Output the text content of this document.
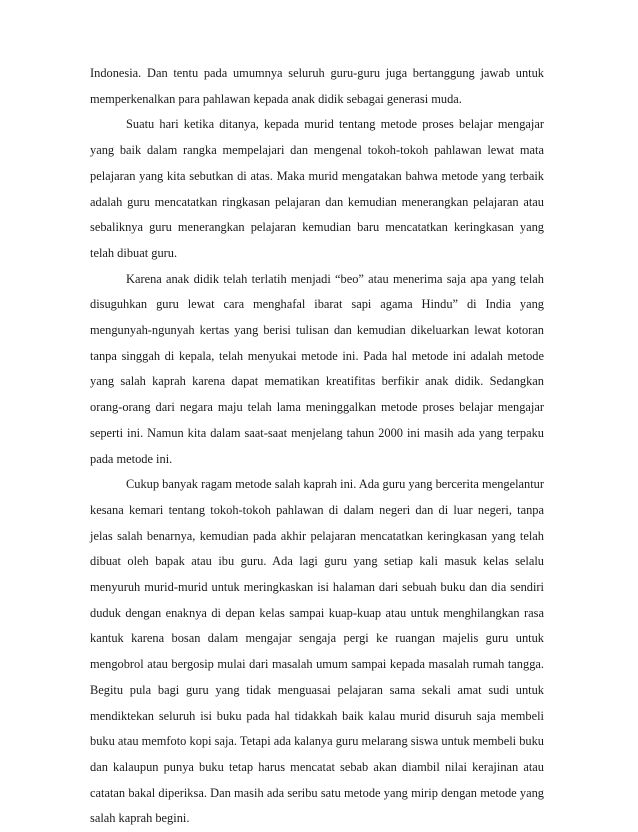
Indonesia. Dan tentu pada umumnya seluruh guru-guru juga bertanggung jawab untuk memperkenalkan para pahlawan kepada anak didik sebagai generasi muda.

Suatu hari ketika ditanya, kepada murid tentang metode proses belajar mengajar yang baik dalam rangka mempelajari dan mengenal tokoh-tokoh pahlawan lewat mata pelajaran yang kita sebutkan di atas. Maka murid mengatakan bahwa metode yang terbaik adalah guru mencatatkan ringkasan pelajaran dan kemudian menerangkan pelajaran atau sebaliknya guru menerangkan pelajaran kemudian baru mencatatkan keringkasan yang telah dibuat guru.

Karena anak didik telah terlatih menjadi “beo” atau menerima saja apa yang telah disuguhkan guru lewat cara menghafal ibarat sapi agama Hindu” di India yang mengunyah-ngunyah kertas yang berisi tulisan dan kemudian dikeluarkan lewat kotoran tanpa singgah di kepala, telah menyukai metode ini. Pada hal metode ini adalah metode yang salah kaprah karena dapat mematikan kreatifitas berfikir anak didik. Sedangkan orang-orang dari negara maju telah lama meninggalkan metode proses belajar mengajar seperti ini. Namun kita dalam saat-saat menjelang tahun 2000 ini masih ada yang terpaku pada metode ini.

Cukup banyak ragam metode salah kaprah ini. Ada guru yang bercerita mengelantur kesana kemari tentang tokoh-tokoh pahlawan di dalam negeri dan di luar negeri, tanpa jelas salah benarnya, kemudian pada akhir pelajaran mencatatkan keringkasan yang telah dibuat oleh bapak atau ibu guru. Ada lagi guru yang setiap kali masuk kelas selalu menyuruh murid-murid untuk meringkaskan isi halaman dari sebuah buku dan dia sendiri duduk dengan enaknya di depan kelas sampai kuap-kuap atau untuk menghilangkan rasa kantuk karena bosan dalam mengajar sengaja pergi ke ruangan majelis guru untuk mengobrol atau bergosip mulai dari masalah umum sampai kepada masalah rumah tangga. Begitu pula bagi guru yang tidak menguasai pelajaran sama sekali amat sudi untuk mendiktekan seluruh isi buku pada hal tidakkah baik kalau murid disuruh saja membeli buku atau memfoto kopi saja. Tetapi ada kalanya guru melarang siswa untuk membeli buku dan kalaupun punya buku tetap harus mencatat sebab akan diambil nilai kerajinan atau catatan bakal diperiksa. Dan masih ada seribu satu metode yang mirip dengan metode yang salah kaprah begini.
